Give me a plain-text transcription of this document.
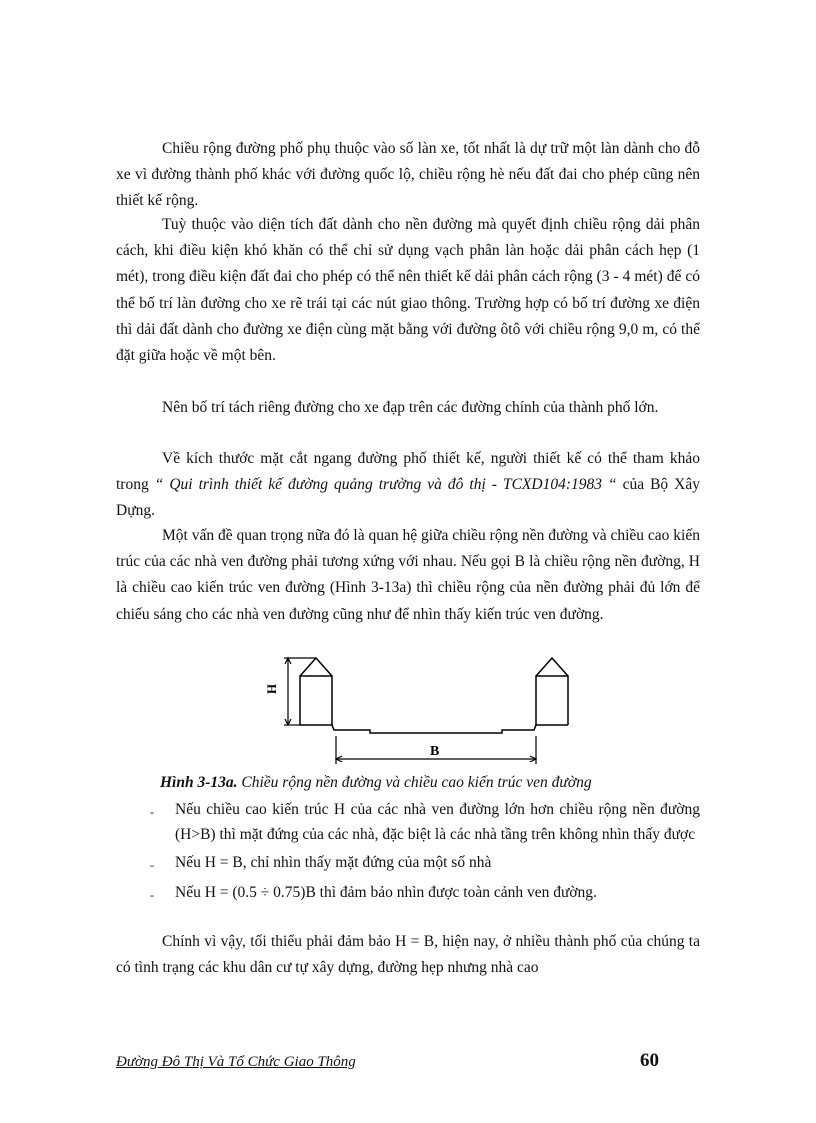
Chiều rộng đường phố phụ thuộc vào số làn xe, tốt nhất là dự trữ một làn dành cho đỗ xe vì đường thành phố khác với đường quốc lộ, chiều rộng hè nếu đất đai cho phép cũng nên thiết kế rộng.

Tuỳ thuộc vào diện tích đất dành cho nền đường mà quyết định chiều rộng dải phân cách, khi điều kiện khó khăn có thể chỉ sử dụng vạch phân làn hoặc dải phân cách hẹp (1 mét), trong điều kiện đất đai cho phép có thể nên thiết kế dải phân cách rộng (3 - 4 mét) để có thể bố trí làn đường cho xe rẽ trái tại các nút giao thông. Trường hợp có bố trí đường xe điện thì dải đất dành cho đường xe điện cùng mặt bằng với đường ôtô với chiều rộng 9,0 m, có thể đặt giữa hoặc về một bên.

Nên bố trí tách riêng đường cho xe đạp trên các đường chính của thành phố lớn.

Về kích thước mặt cắt ngang đường phố thiết kế, người thiết kế có thể tham khảo trong “ Qui trình thiết kế đường quảng trường và đô thị - TCXD104:1983 “ của Bộ Xây Dựng.

Một vấn đề quan trọng nữa đó là quan hệ giữa chiều rộng nền đường và chiều cao kiến trúc của các nhà ven đường phải tương xứng với nhau. Nếu gọi B là chiều rộng nền đường, H là chiều cao kiến trúc ven đường (Hình 3-13a) thì chiều rộng của nền đường phải đủ lớn để chiếu sáng cho các nhà ven đường cũng như để nhìn thấy kiến trúc ven đường.

H
B

Hình 3-13a. Chiều rộng nền đường và chiều cao kiến trúc ven đường

- Nếu chiều cao kiến trúc H của các nhà ven đường lớn hơn chiều rộng nền đường (H>B) thì mặt đứng của các nhà, đặc biệt là các nhà tầng trên không nhìn thấy được
- Nếu H = B, chỉ nhìn thấy mặt đứng của một số nhà
- Nếu H = (0.5 ÷ 0.75)B thì đảm bảo nhìn được toàn cảnh ven đường.

Chính vì vậy, tối thiểu phải đảm bảo H = B, hiện nay, ở nhiều thành phố của chúng ta có tình trạng các khu dân cư tự xây dựng, đường hẹp nhưng nhà cao

Đường Đô Thị Và Tổ Chức Giao Thông	60
